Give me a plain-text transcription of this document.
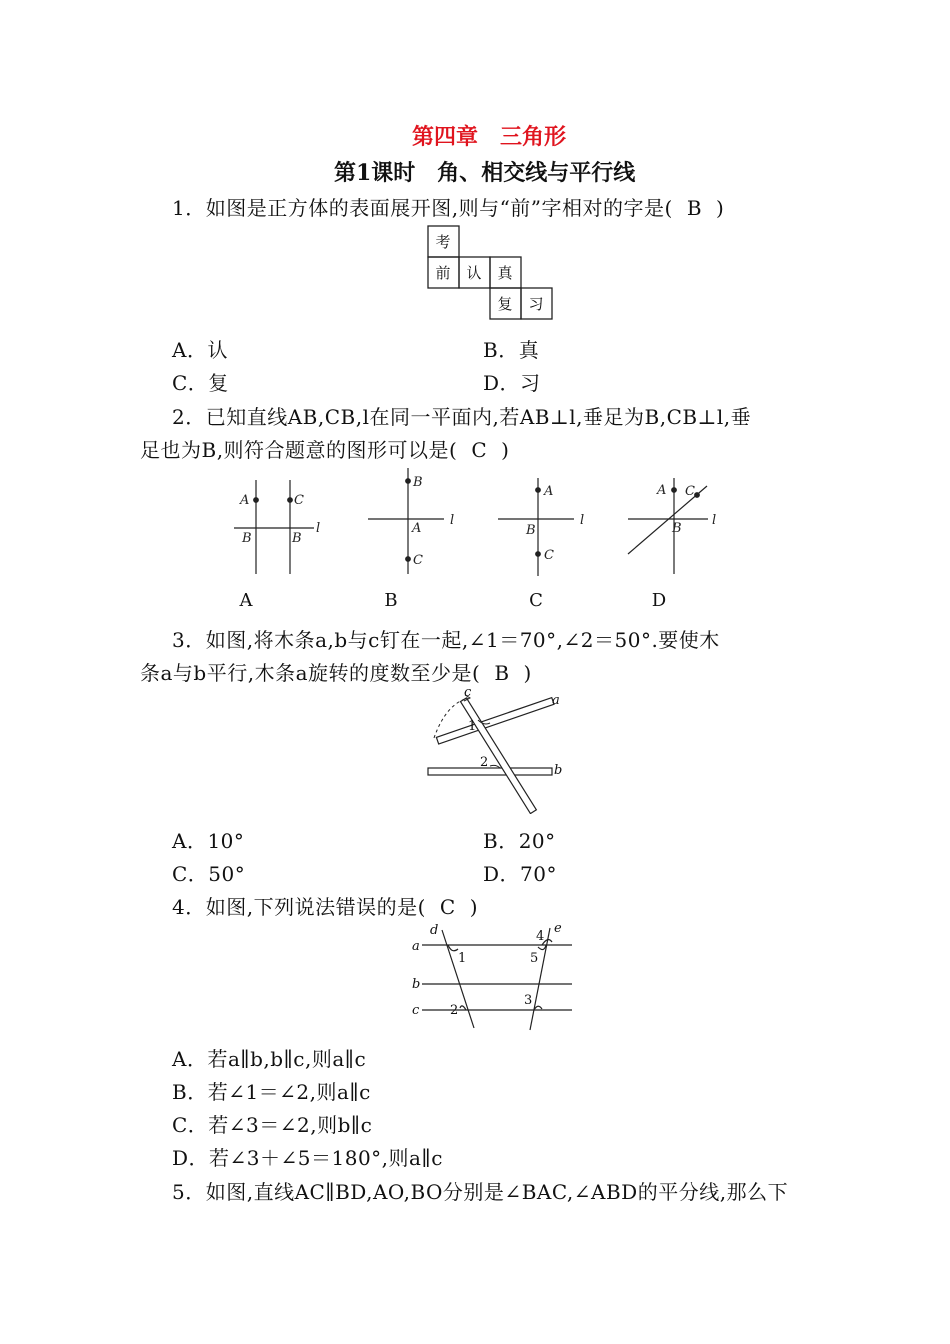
第四章　三角形
第1课时　角、相交线与平行线
1．如图是正方体的表面展开图,则与“前”字相对的字是( B )
考
前 认 真
复 习
A．认	B．真
C．复	D．习
2．已知直线AB,CB,l在同一平面内,若AB⊥l,垂足为B,CB⊥l,垂
足也为B,则符合题意的图形可以是( C )
A	C
B	B
l
B
A
C
l
A
B
C
l
A C
B
l
A	B	C	D
3．如图,将木条a,b与c钉在一起,∠1＝70°,∠2＝50°.要使木
条a与b平行,木条a旋转的度数至少是( B )
1
2
c
a
b
A．10°	B．20°
C．50°	D．70°
4．如图,下列说法错误的是( C )
a
b
c
d	e
1
2
3
4
5
A．若a∥b,b∥c,则a∥c
B．若∠1＝∠2,则a∥c
C．若∠3＝∠2,则b∥c
D．若∠3＋∠5＝180°,则a∥c
5．如图,直线AC∥BD,AO,BO分别是∠BAC,∠ABD的平分线,那么下
